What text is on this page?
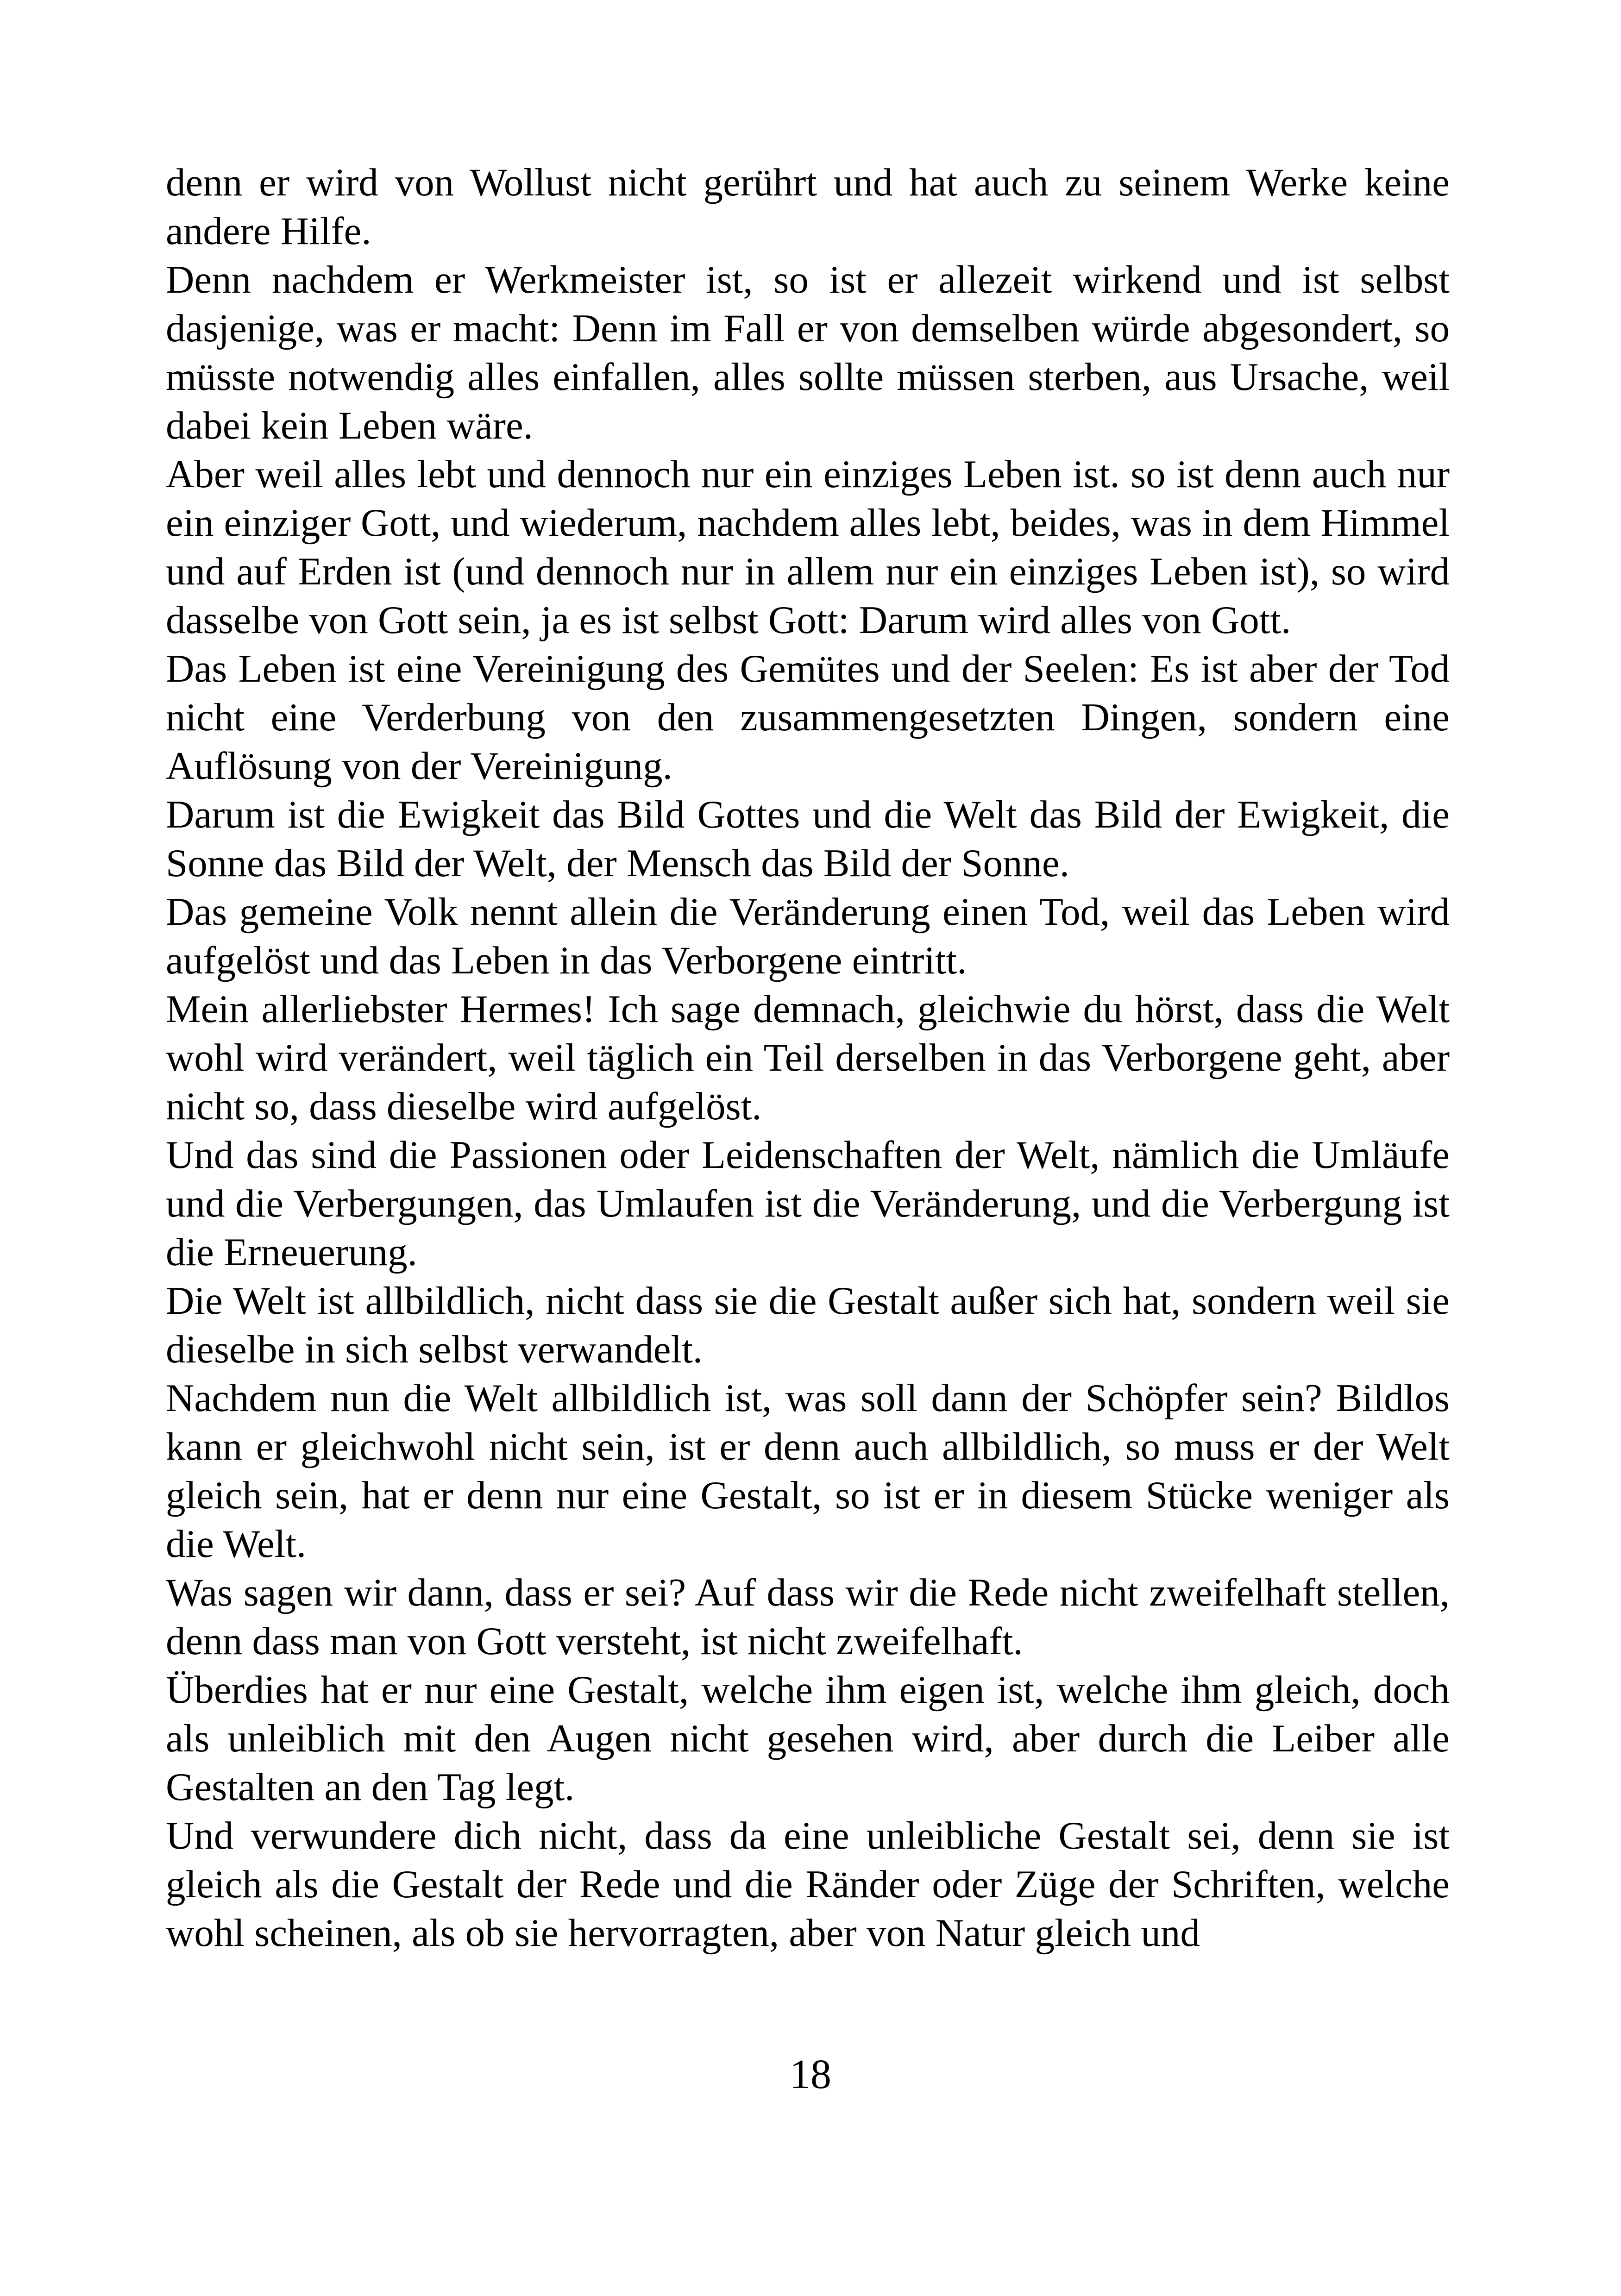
denn er wird von Wollust nicht gerührt und hat auch zu seinem Werke keine andere Hilfe.

Denn nachdem er Werkmeister ist, so ist er allezeit wirkend und ist selbst dasjenige, was er macht: Denn im Fall er von demselben würde abgesondert, so müsste notwendig alles einfallen, alles sollte müssen sterben, aus Ursache, weil dabei kein Leben wäre.

Aber weil alles lebt und dennoch nur ein einziges Leben ist. so ist denn auch nur ein einziger Gott, und wiederum, nachdem alles lebt, beides, was in dem Himmel und auf Erden ist (und dennoch nur in allem nur ein einziges Leben ist), so wird dasselbe von Gott sein, ja es ist selbst Gott: Darum wird alles von Gott.

Das Leben ist eine Vereinigung des Gemütes und der Seelen: Es ist aber der Tod nicht eine Verderbung von den zusammengesetzten Dingen, sondern eine Auflösung von der Vereinigung.

Darum ist die Ewigkeit das Bild Gottes und die Welt das Bild der Ewigkeit, die Sonne das Bild der Welt, der Mensch das Bild der Sonne.

Das gemeine Volk nennt allein die Veränderung einen Tod, weil das Leben wird aufgelöst und das Leben in das Verborgene eintritt.

Mein allerliebster Hermes! Ich sage demnach, gleichwie du hörst, dass die Welt wohl wird verändert, weil täglich ein Teil derselben in das Verborgene geht, aber nicht so, dass dieselbe wird aufgelöst.

Und das sind die Passionen oder Leidenschaften der Welt, nämlich die Umläufe und die Verbergungen, das Umlaufen ist die Veränderung, und die Verbergung ist die Erneuerung.

Die Welt ist allbildlich, nicht dass sie die Gestalt außer sich hat, sondern weil sie dieselbe in sich selbst verwandelt.

Nachdem nun die Welt allbildlich ist, was soll dann der Schöpfer sein? Bildlos kann er gleichwohl nicht sein, ist er denn auch allbildlich, so muss er der Welt gleich sein, hat er denn nur eine Gestalt, so ist er in diesem Stücke weniger als die Welt.

Was sagen wir dann, dass er sei? Auf dass wir die Rede nicht zweifelhaft stellen, denn dass man von Gott versteht, ist nicht zweifelhaft.

Überdies hat er nur eine Gestalt, welche ihm eigen ist, welche ihm gleich, doch als unleiblich mit den Augen nicht gesehen wird, aber durch die Leiber alle Gestalten an den Tag legt.

Und verwundere dich nicht, dass da eine unleibliche Gestalt sei, denn sie ist gleich als die Gestalt der Rede und die Ränder oder Züge der Schriften, welche wohl scheinen, als ob sie hervorragten, aber von Natur gleich und

18
